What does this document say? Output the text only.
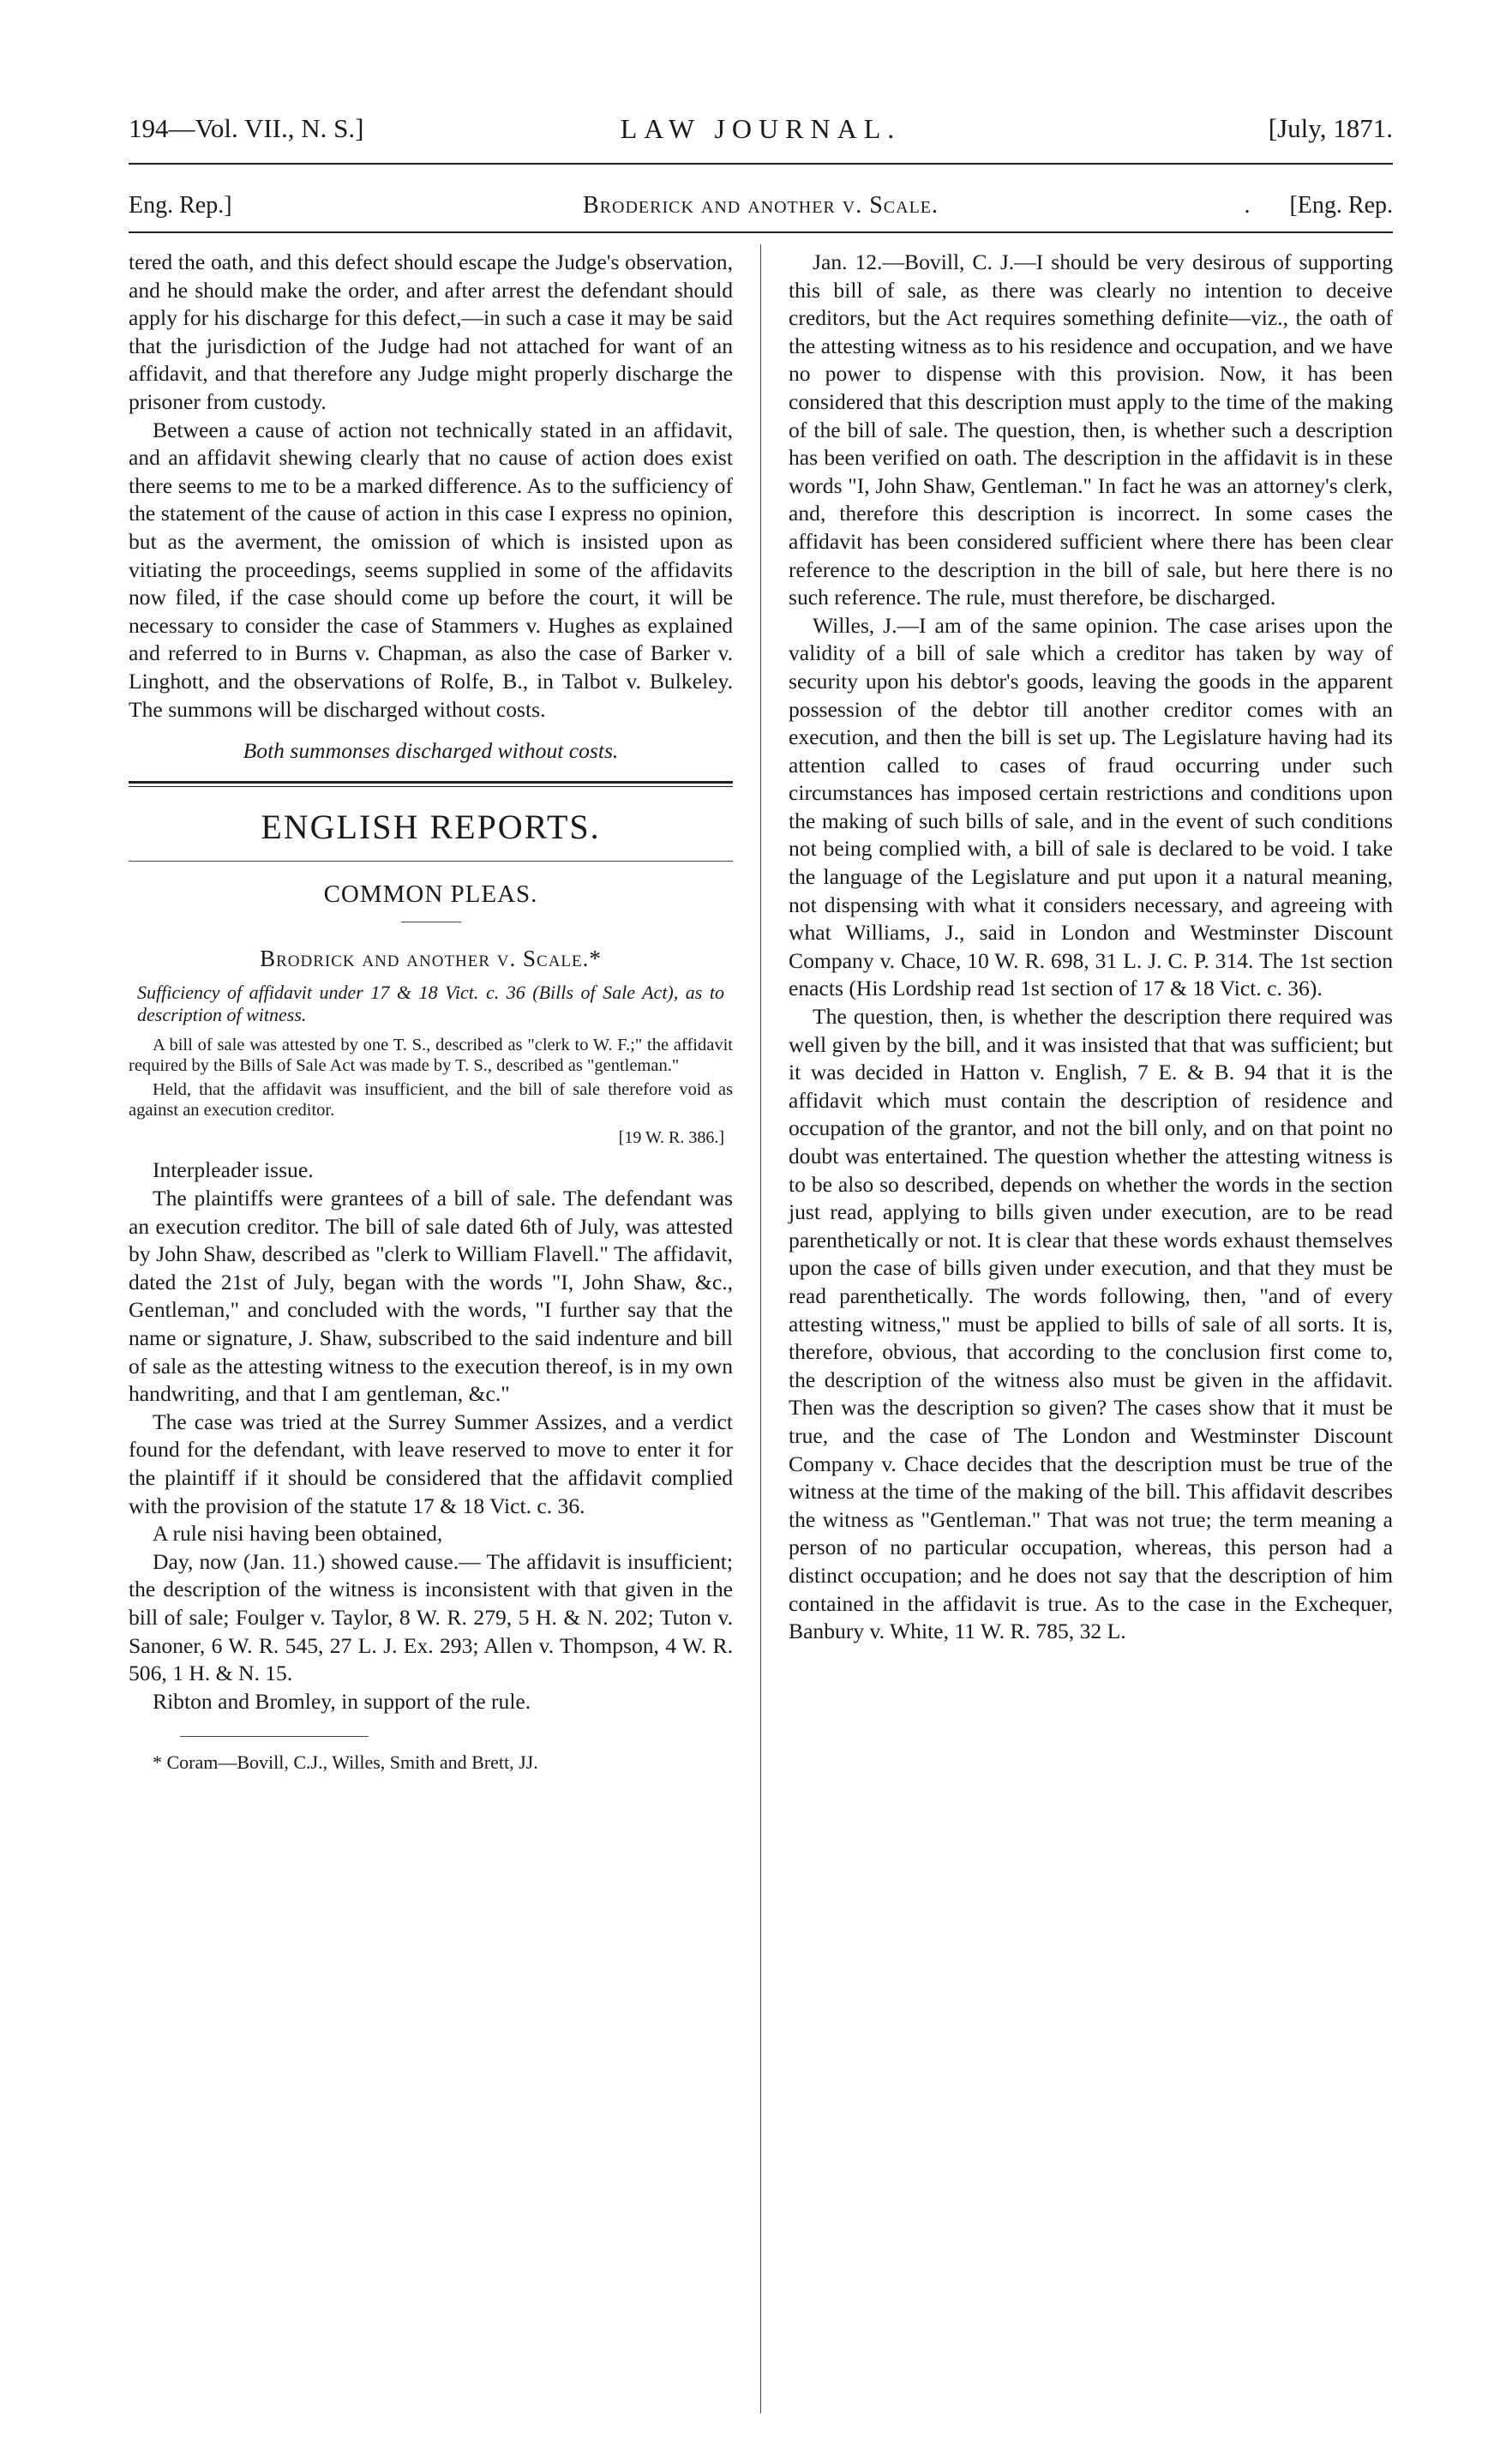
194—Vol. VII., N. S.]	LAW JOURNAL.	[July, 1871.
Eng. Rep.]	Broderick and another v. Scale.	. [Eng. Rep.

tered the oath, and this defect should escape the Judge's observation, and he should make the order, and after arrest the defendant should apply for his discharge for this defect,—in such a case it may be said that the jurisdiction of the Judge had not attached for want of an affidavit, and that therefore any Judge might properly discharge the prisoner from custody.

Between a cause of action not technically stated in an affidavit, and an affidavit shewing clearly that no cause of action does exist there seems to me to be a marked difference. As to the sufficiency of the statement of the cause of action in this case I express no opinion, but as the averment, the omission of which is insisted upon as vitiating the proceedings, seems supplied in some of the affidavits now filed, if the case should come up before the court, it will be necessary to consider the case of Stammers v. Hughes as explained and referred to in Burns v. Chapman, as also the case of Barker v. Linghott, and the observations of Rolfe, B., in Talbot v. Bulkeley. The summons will be discharged without costs.

Both summonses discharged without costs.

ENGLISH REPORTS.
COMMON PLEAS.
Brodrick and another v. Scale.*

Sufficiency of affidavit under 17 & 18 Vict. c. 36 (Bills of Sale Act), as to description of witness.

A bill of sale was attested by one T. S., described as "clerk to W. F.;" the affidavit required by the Bills of Sale Act was made by T. S., described as "gentleman."

Held, that the affidavit was insufficient, and the bill of sale therefore void as against an execution creditor.

[19 W. R. 386.]

Interpleader issue.

The plaintiffs were grantees of a bill of sale. The defendant was an execution creditor. The bill of sale dated 6th of July, was attested by John Shaw, described as "clerk to William Flavell." The affidavit, dated the 21st of July, began with the words "I, John Shaw, &c., Gentleman," and concluded with the words, "I further say that the name or signature, J. Shaw, subscribed to the said indenture and bill of sale as the attesting witness to the execution thereof, is in my own handwriting, and that I am gentleman, &c."

The case was tried at the Surrey Summer Assizes, and a verdict found for the defendant, with leave reserved to move to enter it for the plaintiff if it should be considered that the affidavit complied with the provision of the statute 17 & 18 Vict. c. 36.

A rule nisi having been obtained,

Day, now (Jan. 11.) showed cause.— The affidavit is insufficient; the description of the witness is inconsistent with that given in the bill of sale; Foulger v. Taylor, 8 W. R. 279, 5 H. & N. 202; Tuton v. Sanoner, 6 W. R. 545, 27 L. J. Ex. 293; Allen v. Thompson, 4 W. R. 506, 1 H. & N. 15.

Ribton and Bromley, in support of the rule.

* Coram—Bovill, C.J., Willes, Smith and Brett, JJ.

Jan. 12.—Bovill, C. J.—I should be very desirous of supporting this bill of sale, as there was clearly no intention to deceive creditors, but the Act requires something definite—viz., the oath of the attesting witness as to his residence and occupation, and we have no power to dispense with this provision. Now, it has been considered that this description must apply to the time of the making of the bill of sale. The question, then, is whether such a description has been verified on oath. The description in the affidavit is in these words "I, John Shaw, Gentleman." In fact he was an attorney's clerk, and, therefore this description is incorrect. In some cases the affidavit has been considered sufficient where there has been clear reference to the description in the bill of sale, but here there is no such reference. The rule, must therefore, be discharged.

Willes, J.—I am of the same opinion. The case arises upon the validity of a bill of sale which a creditor has taken by way of security upon his debtor's goods, leaving the goods in the apparent possession of the debtor till another creditor comes with an execution, and then the bill is set up. The Legislature having had its attention called to cases of fraud occurring under such circumstances has imposed certain restrictions and conditions upon the making of such bills of sale, and in the event of such conditions not being complied with, a bill of sale is declared to be void. I take the language of the Legislature and put upon it a natural meaning, not dispensing with what it considers necessary, and agreeing with what Williams, J., said in London and Westminster Discount Company v. Chace, 10 W. R. 698, 31 L. J. C. P. 314. The 1st section enacts (His Lordship read 1st section of 17 & 18 Vict. c. 36).

The question, then, is whether the description there required was well given by the bill, and it was insisted that that was sufficient; but it was decided in Hatton v. English, 7 E. & B. 94 that it is the affidavit which must contain the description of residence and occupation of the grantor, and not the bill only, and on that point no doubt was entertained. The question whether the attesting witness is to be also so described, depends on whether the words in the section just read, applying to bills given under execution, are to be read parenthetically or not. It is clear that these words exhaust themselves upon the case of bills given under execution, and that they must be read parenthetically. The words following, then, "and of every attesting witness," must be applied to bills of sale of all sorts. It is, therefore, obvious, that according to the conclusion first come to, the description of the witness also must be given in the affidavit. Then was the description so given? The cases show that it must be true, and the case of The London and Westminster Discount Company v. Chace decides that the description must be true of the witness at the time of the making of the bill. This affidavit describes the witness as "Gentleman." That was not true; the term meaning a person of no particular occupation, whereas, this person had a distinct occupation; and he does not say that the description of him contained in the affidavit is true. As to the case in the Exchequer, Banbury v. White, 11 W. R. 785, 32 L.
